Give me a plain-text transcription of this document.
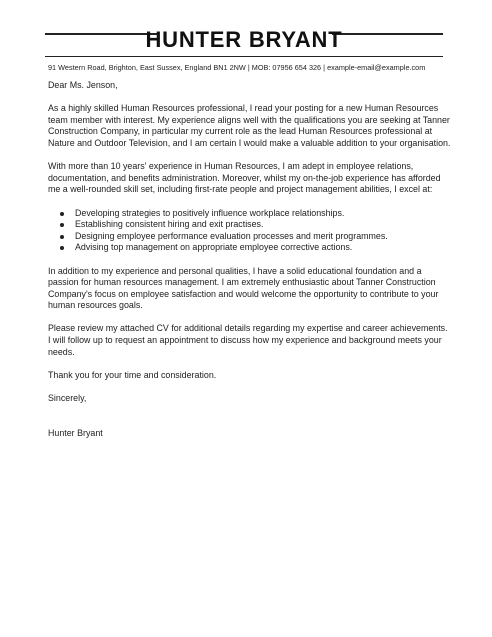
HUNTER BRYANT
91 Western Road, Brighton, East Sussex, England BN1 2NW | MOB: 07956 654 326 | example-email@example.com

Dear Ms. Jenson,

As a highly skilled Human Resources professional, I read your posting for a new Human Resources team member with interest. My experience aligns well with the qualifications you are seeking at Tanner Construction Company, in particular my current role as the lead Human Resources professional at Nature and Outdoor Television, and I am certain I would make a valuable addition to your organisation.

With more than 10 years' experience in Human Resources, I am adept in employee relations, documentation, and benefits administration. Moreover, whilst my on-the-job experience has afforded me a well-rounded skill set, including first-rate people and project management abilities, I excel at:

Developing strategies to positively influence workplace relationships.
Establishing consistent hiring and exit practises.
Designing employee performance evaluation processes and merit programmes.
Advising top management on appropriate employee corrective actions.

In addition to my experience and personal qualities, I have a solid educational foundation and a passion for human resources management. I am extremely enthusiastic about Tanner Construction Company's focus on employee satisfaction and would welcome the opportunity to contribute to your human resources goals.

Please review my attached CV for additional details regarding my expertise and career achievements. I will follow up to request an appointment to discuss how my experience and background meets your needs.

Thank you for your time and consideration.

Sincerely,

Hunter Bryant
